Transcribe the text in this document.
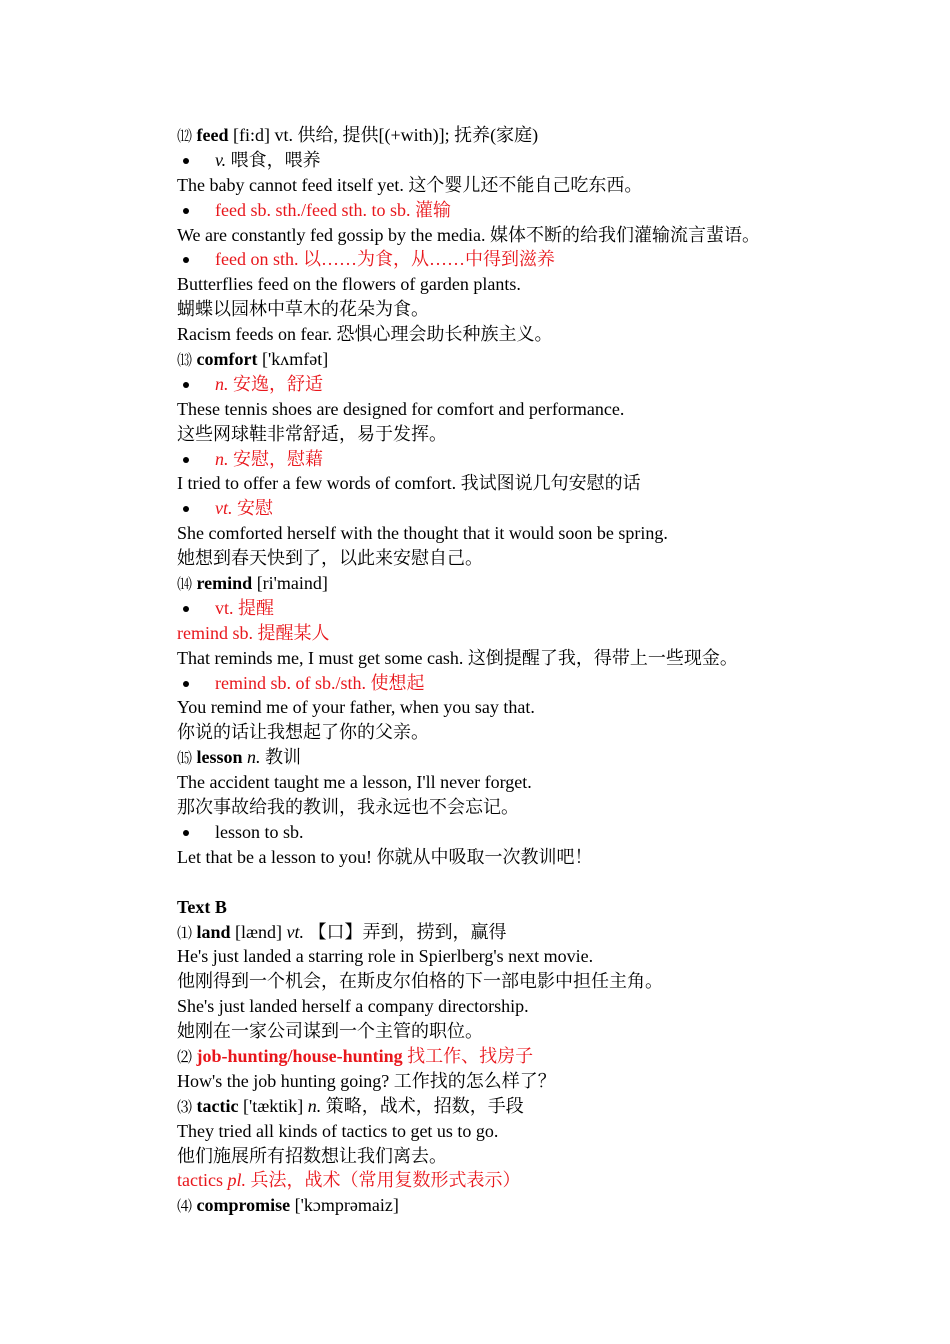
⑿ feed [fi:d] vt. 供给, 提供[(+with)]; 抚养(家庭)
v. 喂食，喂养
The baby cannot feed itself yet. 这个婴儿还不能自己吃东西。
feed sb. sth./feed sth. to sb. 灌输
We are constantly fed gossip by the media. 媒体不断的给我们灌输流言蜚语。
feed on sth. 以……为食，从……中得到滋养
Butterflies feed on the flowers of garden plants.
蝴蝶以园林中草木的花朵为食。
Racism feeds on fear. 恐惧心理会助长种族主义。
⒀ comfort ['kʌmfət]
n. 安逸，舒适
These tennis shoes are designed for comfort and performance.
这些网球鞋非常舒适，易于发挥。
n. 安慰，慰藉
I tried to offer a few words of comfort. 我试图说几句安慰的话
vt. 安慰
She comforted herself with the thought that it would soon be spring.
她想到春天快到了，以此来安慰自己。
⒁ remind [ri'maind]
vt. 提醒
remind sb. 提醒某人
That reminds me, I must get some cash. 这倒提醒了我，得带上一些现金。
remind sb. of sb./sth. 使想起
You remind me of your father, when you say that.
你说的话让我想起了你的父亲。
⒂ lesson n. 教训
The accident taught me a lesson, I'll never forget.
那次事故给我的教训，我永远也不会忘记。
lesson to sb.
Let that be a lesson to you! 你就从中吸取一次教训吧！
Text B
⑴ land [lænd] vt. 【口】弄到，捞到，赢得
He's just landed a starring role in Spierlberg's next movie.
他刚得到一个机会，在斯皮尔伯格的下一部电影中担任主角。
She's just landed herself a company directorship.
她刚在一家公司谋到一个主管的职位。
⑵ job-hunting/house-hunting 找工作、找房子
How's the job hunting going? 工作找的怎么样了？
⑶ tactic ['tæktik] n. 策略，战术，招数，手段
They tried all kinds of tactics to get us to go.
他们施展所有招数想让我们离去。
tactics pl. 兵法，战术（常用复数形式表示）
⑷ compromise ['kɔmprəmaiz]
